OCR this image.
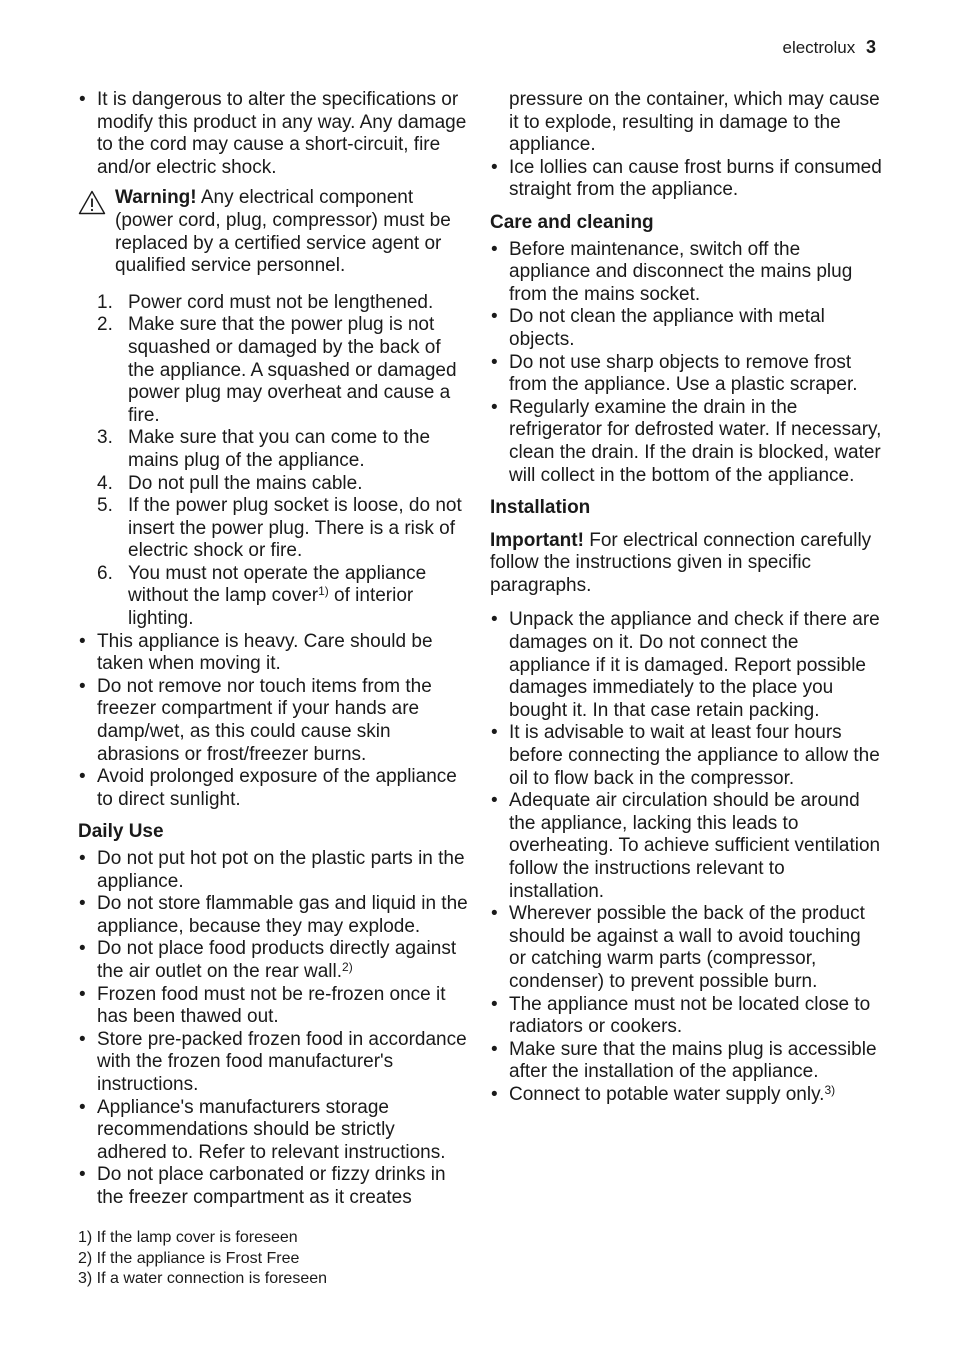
electrolux 3
• It is dangerous to alter the specifications or modify this product in any way. Any damage to the cord may cause a short-circuit, fire and/or electric shock.
Warning! Any electrical component (power cord, plug, compressor) must be replaced by a certified service agent or qualified service personnel.
1. Power cord must not be lengthened.
2. Make sure that the power plug is not squashed or damaged by the back of the appliance. A squashed or damaged power plug may overheat and cause a fire.
3. Make sure that you can come to the mains plug of the appliance.
4. Do not pull the mains cable.
5. If the power plug socket is loose, do not insert the power plug. There is a risk of electric shock or fire.
6. You must not operate the appliance without the lamp cover$^{1)}$ of interior lighting.
• This appliance is heavy. Care should be taken when moving it.
• Do not remove nor touch items from the freezer compartment if your hands are damp/wet, as this could cause skin abrasions or frost/freezer burns.
• Avoid prolonged exposure of the appliance to direct sunlight.
Daily Use
• Do not put hot pot on the plastic parts in the appliance.
• Do not store flammable gas and liquid in the appliance, because they may explode.
• Do not place food products directly against the air outlet on the rear wall.$^{2)}$
• Frozen food must not be re-frozen once it has been thawed out.
• Store pre-packed frozen food in accordance with the frozen food manufacturer's instructions.
• Appliance's manufacturers storage recommendations should be strictly adhered to. Refer to relevant instructions.
• Do not place carbonated or fizzy drinks in the freezer compartment as it creates
pressure on the container, which may cause it to explode, resulting in damage to the appliance.
• Ice lollies can cause frost burns if consumed straight from the appliance.
Care and cleaning
• Before maintenance, switch off the appliance and disconnect the mains plug from the mains socket.
• Do not clean the appliance with metal objects.
• Do not use sharp objects to remove frost from the appliance. Use a plastic scraper.
• Regularly examine the drain in the refrigerator for defrosted water. If necessary, clean the drain. If the drain is blocked, water will collect in the bottom of the appliance.
Installation
Important! For electrical connection carefully follow the instructions given in specific paragraphs.
• Unpack the appliance and check if there are damages on it. Do not connect the appliance if it is damaged. Report possible damages immediately to the place you bought it. In that case retain packing.
• It is advisable to wait at least four hours before connecting the appliance to allow the oil to flow back in the compressor.
• Adequate air circulation should be around the appliance, lacking this leads to overheating. To achieve sufficient ventilation follow the instructions relevant to installation.
• Wherever possible the back of the product should be against a wall to avoid touching or catching warm parts (compressor, condenser) to prevent possible burn.
• The appliance must not be located close to radiators or cookers.
• Make sure that the mains plug is accessible after the installation of the appliance.
• Connect to potable water supply only.$^{3)}$
1) If the lamp cover is foreseen
2) If the appliance is Frost Free
3) If a water connection is foreseen
